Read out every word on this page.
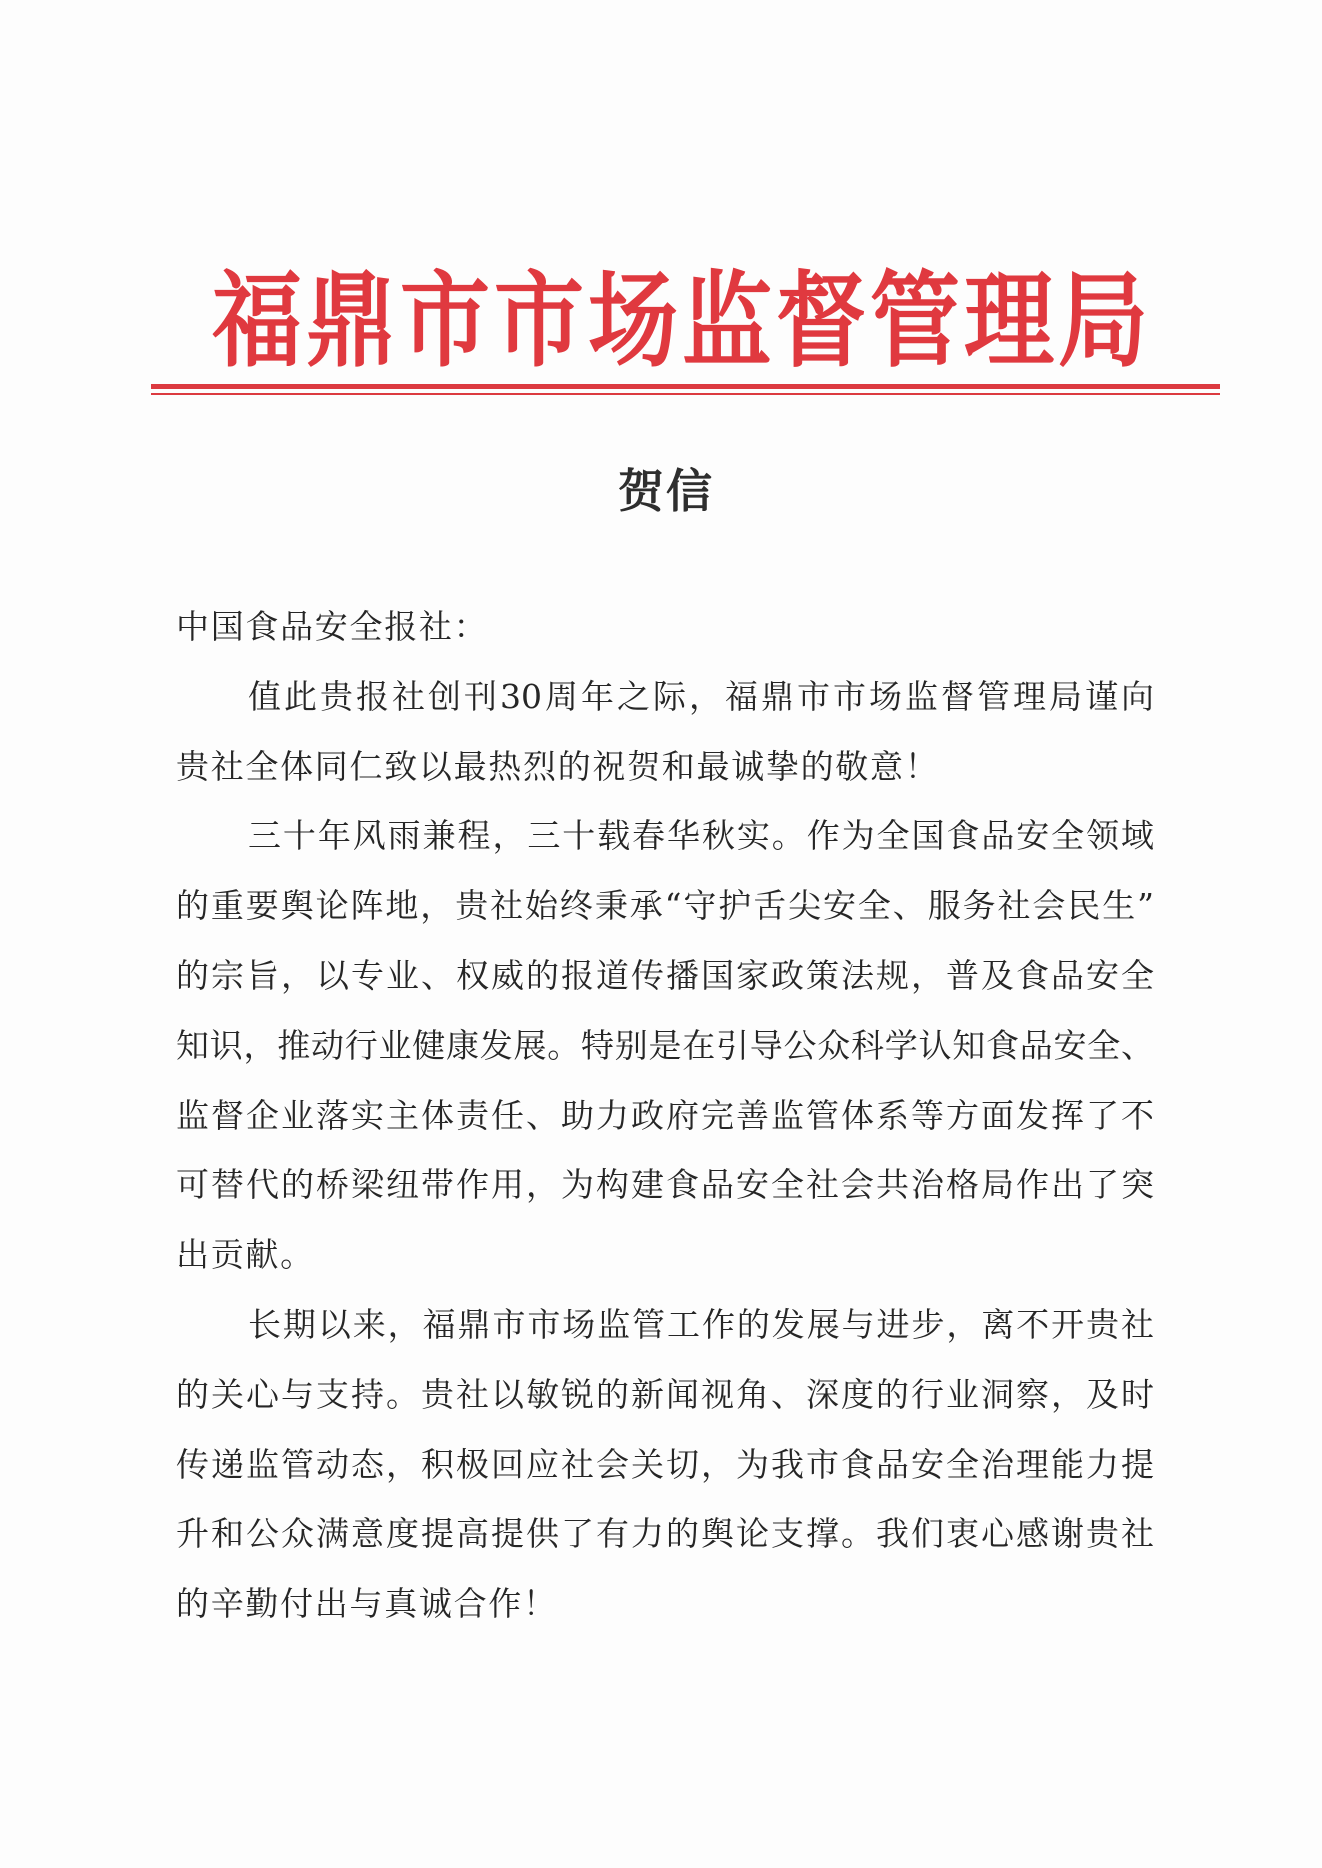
福鼎市市场监督管理局
贺信
中国食品安全报社：
值此贵报社创刊30周年之际，福鼎市市场监督管理局谨向
贵社全体同仁致以最热烈的祝贺和最诚挚的敬意！
三十年风雨兼程，三十载春华秋实。作为全国食品安全领域
的重要舆论阵地，贵社始终秉承“守护舌尖安全、服务社会民生”
的宗旨，以专业、权威的报道传播国家政策法规，普及食品安全
知识，推动行业健康发展。特别是在引导公众科学认知食品安全、
监督企业落实主体责任、助力政府完善监管体系等方面发挥了不
可替代的桥梁纽带作用，为构建食品安全社会共治格局作出了突
出贡献。
长期以来，福鼎市市场监管工作的发展与进步，离不开贵社
的关心与支持。贵社以敏锐的新闻视角、深度的行业洞察，及时
传递监管动态，积极回应社会关切，为我市食品安全治理能力提
升和公众满意度提高提供了有力的舆论支撑。我们衷心感谢贵社
的辛勤付出与真诚合作！
